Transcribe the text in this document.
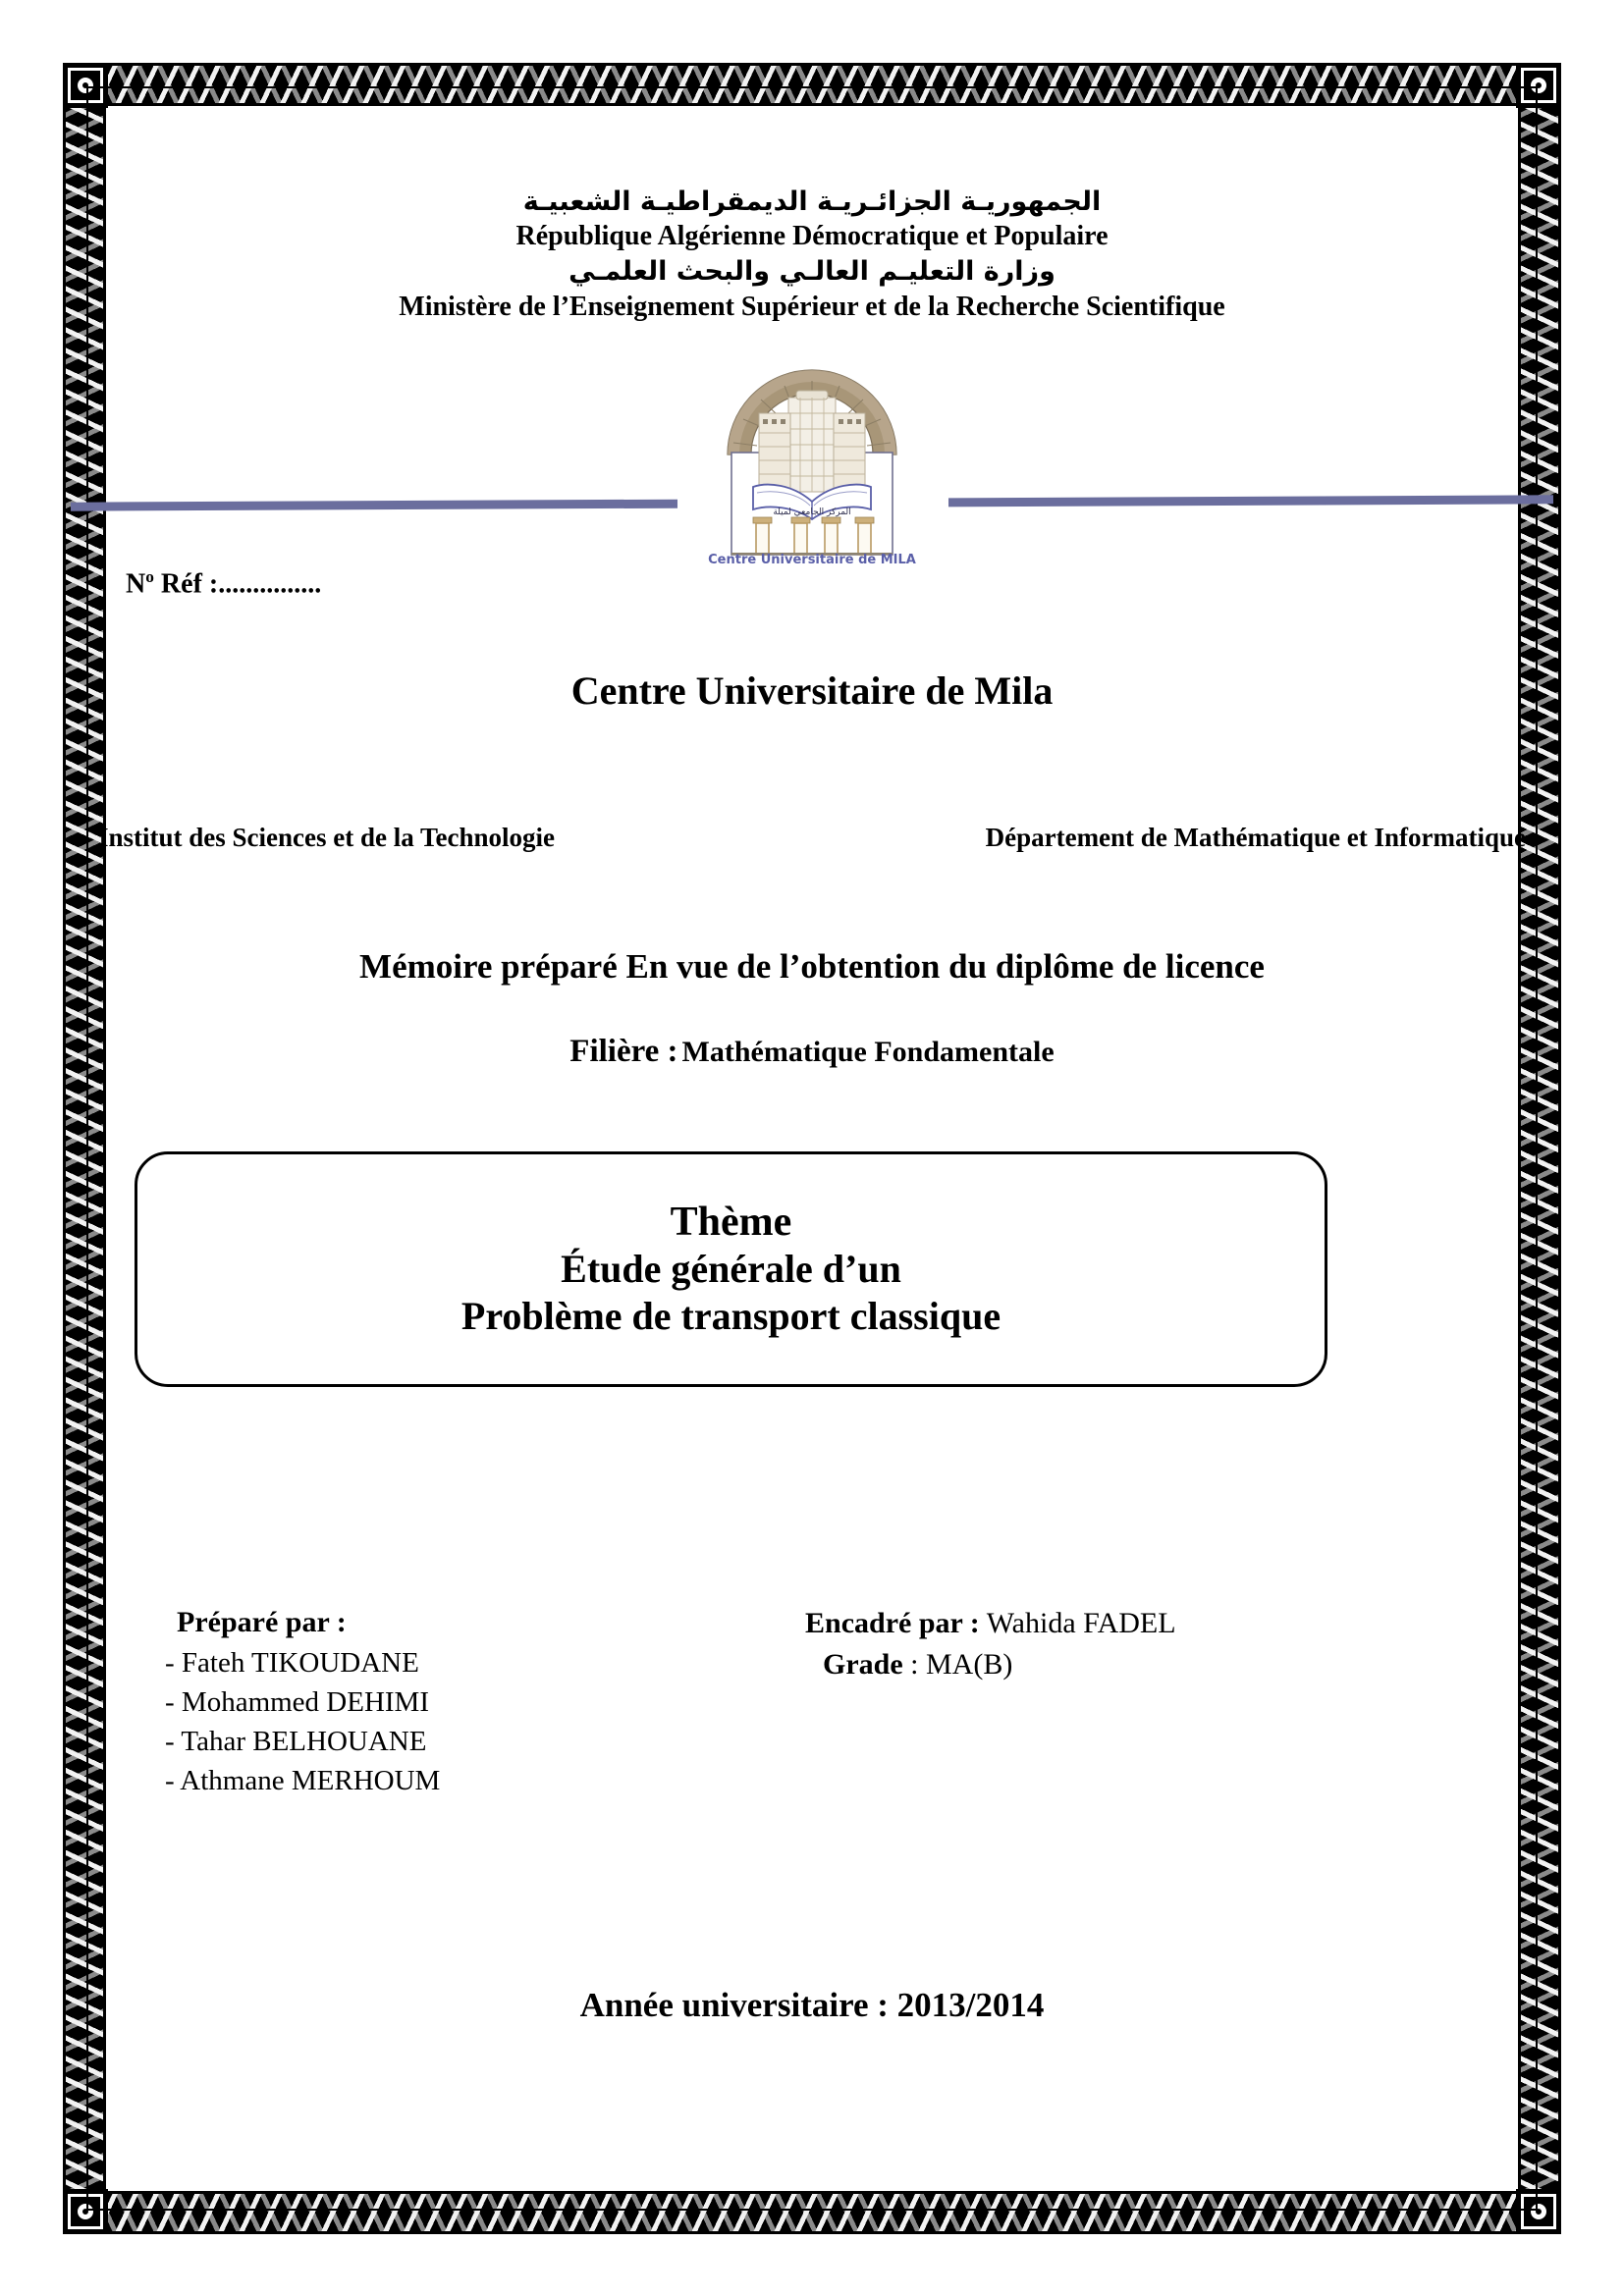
الجمهوريـة الجزائـريـة الديمقراطيـة الشعبيـة
République Algérienne Démocratique et Populaire
وزارة التعليـم العالـي والبحث العلمـي
Ministère de l’Enseignement Supérieur et de la Recherche Scientifique
المركز الجامعي لميلة
Centre Universitaire de MILA
$N^o$ Réf :...............
Centre Universitaire de Mila
Institut des Sciences et de la Technologie	Département de Mathématique et Informatique
Mémoire préparé En vue de l’obtention du diplôme de licence
Filière : Mathématique Fondamentale
Thème
Étude générale d’un
Problème de transport classique
Préparé par :
- Fateh TIKOUDANE
- Mohammed DEHIMI
- Tahar BELHOUANE
- Athmane MERHOUM
Encadré par : Wahida FADEL
Grade : MA(B)
Année universitaire : 2013/2014
